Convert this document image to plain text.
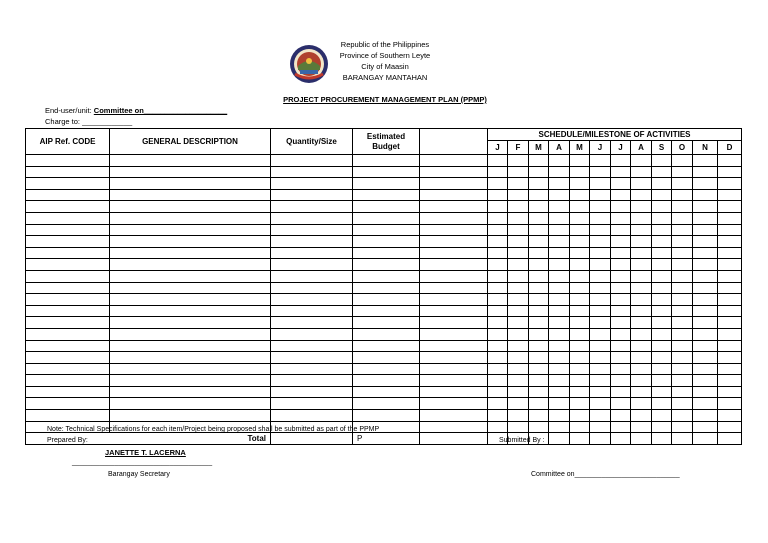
Republic of the Philippines
Province of Southern Leyte
City of Maasin
BARANGAY MANTAHAN
PROJECT PROCUREMENT MANAGEMENT PLAN (PPMP)
End-user/unit: Committee on____________________
Charge to: ____________
AIP Ref. CODE	GENERAL DESCRIPTION	Quantity/Size	Estimated Budget		SCHEDULE/MILESTONE OF ACTIVITIES											
					J	F	M	A	M	J	J	A	S	O	N	D

Total			P													
Note: Technical Specifications for each item/Project being proposed shall be submitted as part of the PPMP
Prepared By:
JANETTE T. LACERNA
____________________________________
Barangay Secretary
Submitted By :
Committee on___________________________
